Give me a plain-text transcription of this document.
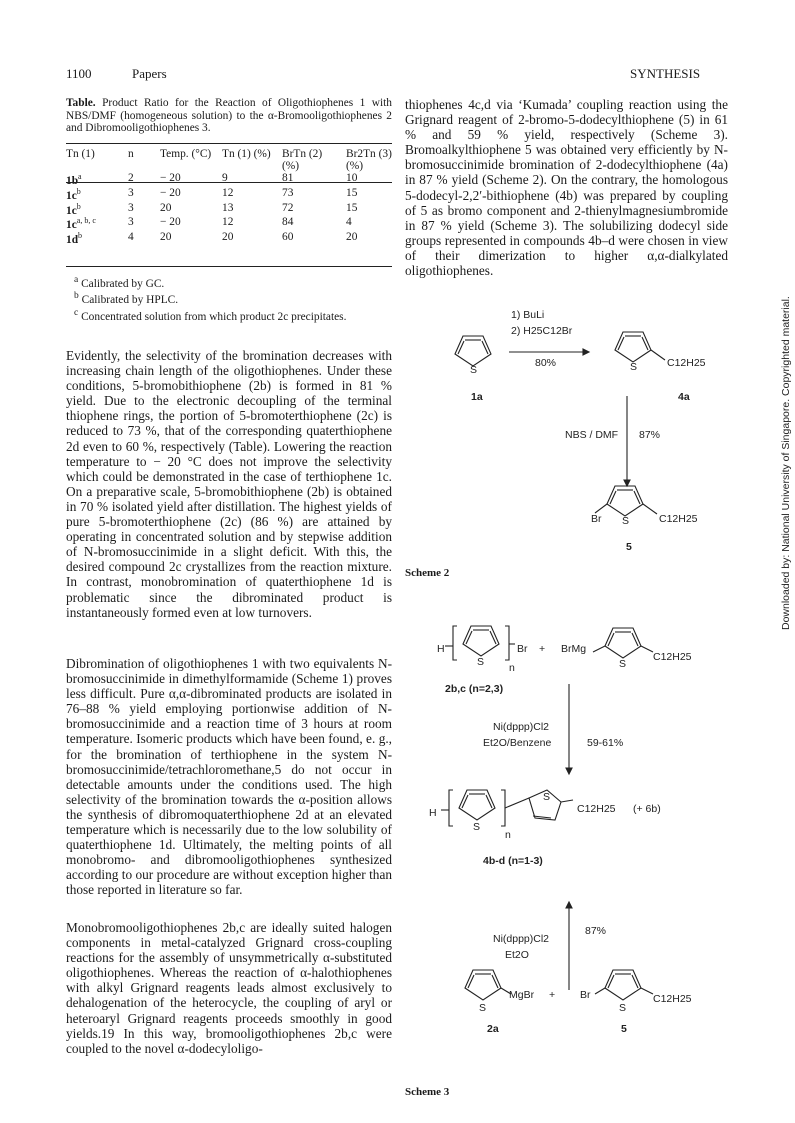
1100	Papers	SYNTHESIS
Table. Product Ratio for the Reaction of Oligothiophenes 1 with NBS/DMF (homogeneous solution) to the α-Bromooligothiophenes 2 and Dibromooligothiophenes 3.
Tn (1)	n	Temp. (°C)	Tn (1) (%)	BrTn (2) (%)	Br2Tn (3) (%)
$1b^a$	2	− 20	9	81	10
$1c^b$	3	− 20	12	73	15
$1c^b$	3	20	13	72	15
$1c^{a, b, c}$	3	− 20	12	84	4
$1d^b$	4	20	20	60	20
$^a$ Calibrated by GC.
$^b$ Calibrated by HPLC.
$^c$ Concentrated solution from which product 2c precipitates.
Evidently, the selectivity of the bromination decreases with increasing chain length of the oligothiophenes. Under these conditions, 5-bromobithiophene (2b) is formed in 81 % yield. Due to the electronic decoupling of the terminal thiophene rings, the portion of 5-bromoterthiophene (2c) is reduced to 73 %, that of the corresponding quaterthiophene 2d even to 60 %, respectively (Table). Lowering the reaction temperature to − 20 °C does not improve the selectivity which could be demonstrated in the case of terthiophene 1c. On a preparative scale, 5-bromobithiophene (2b) is obtained in 70 % isolated yield after distillation. The highest yields of pure 5-bromoterthiophene (2c) (86 %) are attained by operating in concentrated solution and by stepwise addition of N-bromosuccinimide in a slight deficit. With this, the desired compound 2c crystallizes from the reaction mixture. In contrast, monobromination of quaterthiophene 1d is problematic since the dibrominated product is instantaneously formed even at low turnovers.
Dibromination of oligothiophenes 1 with two equivalents N-bromosuccinimide in dimethylformamide (Scheme 1) proves less difficult. Pure α,α-dibrominated products are isolated in 76–88 % yield employing portionwise addition of N-bromosuccinimide and a reaction time of 3 hours at room temperature. Isomeric products which have been found, e. g., for the bromination of terthiophene in the system N-bromosuccinimide/tetrachloromethane,5 do not occur in detectable amounts under the conditions used. The high selectivity of the bromination towards the α-position allows the synthesis of dibromoquaterthiophene 2d at an elevated temperature which is necessarily due to the low solubility of quaterthiophene 1d. Ultimately, the melting points of all monobromo- and dibromooligothiophenes synthesized according to our procedure are without exception higher than those reported in literature so far.
Monobromooligothiophenes 2b,c are ideally suited halogen components in metal-catalyzed Grignard cross-coupling reactions for the assembly of unsymmetrically α-substituted oligothiophenes. Whereas the reaction of α-halothiophenes with alkyl Grignard reagents leads almost exclusively to dehalogenation of the heterocycle, the coupling of aryl or heteroaryl Grignard reagents proceeds smoothly in good yields.19 In this way, bromooligothiophenes 2b,c were coupled to the novel α-dodecyloligo-
thiophenes 4c,d via ‘Kumada’ coupling reaction using the Grignard reagent of 2-bromo-5-dodecylthiophene (5) in 61 % and 59 % yield, respectively (Scheme 3). Bromoalkylthiophene 5 was obtained very efficiently by N-bromosuccinimide bromination of 2-dodecylthiophene (4a) in 87 % yield (Scheme 2). On the contrary, the homologous 5-dodecyl-2,2′-bithiophene (4b) was prepared by coupling of 5 as bromo component and 2-thienylmagnesiumbromide in 87 % yield (Scheme 3). The solubilizing dodecyl side groups represented in compounds 4b–d were chosen in view of their dimerization to higher α,α-dialkylated oligothiophenes.
S
1) BuLi
2) H25C12Br
80%
1a
S	C12H25
4a
NBS / DMF 87%
Br S	C12H25
5
Scheme 2
H
S n
Br + BrMg
S
C12H25
2b,c (n=2,3)
Ni(dppp)Cl2
Et2O/Benzene	59-61%
H
S
n
S
C12H25 (+ 6b)
4b-d (n=1-3)
Ni(dppp)Cl2
Et2O
87%
S
MgBr + Br
S
C12H25
2a	5
Scheme 3
Downloaded by: National University of Singapore. Copyrighted material.
